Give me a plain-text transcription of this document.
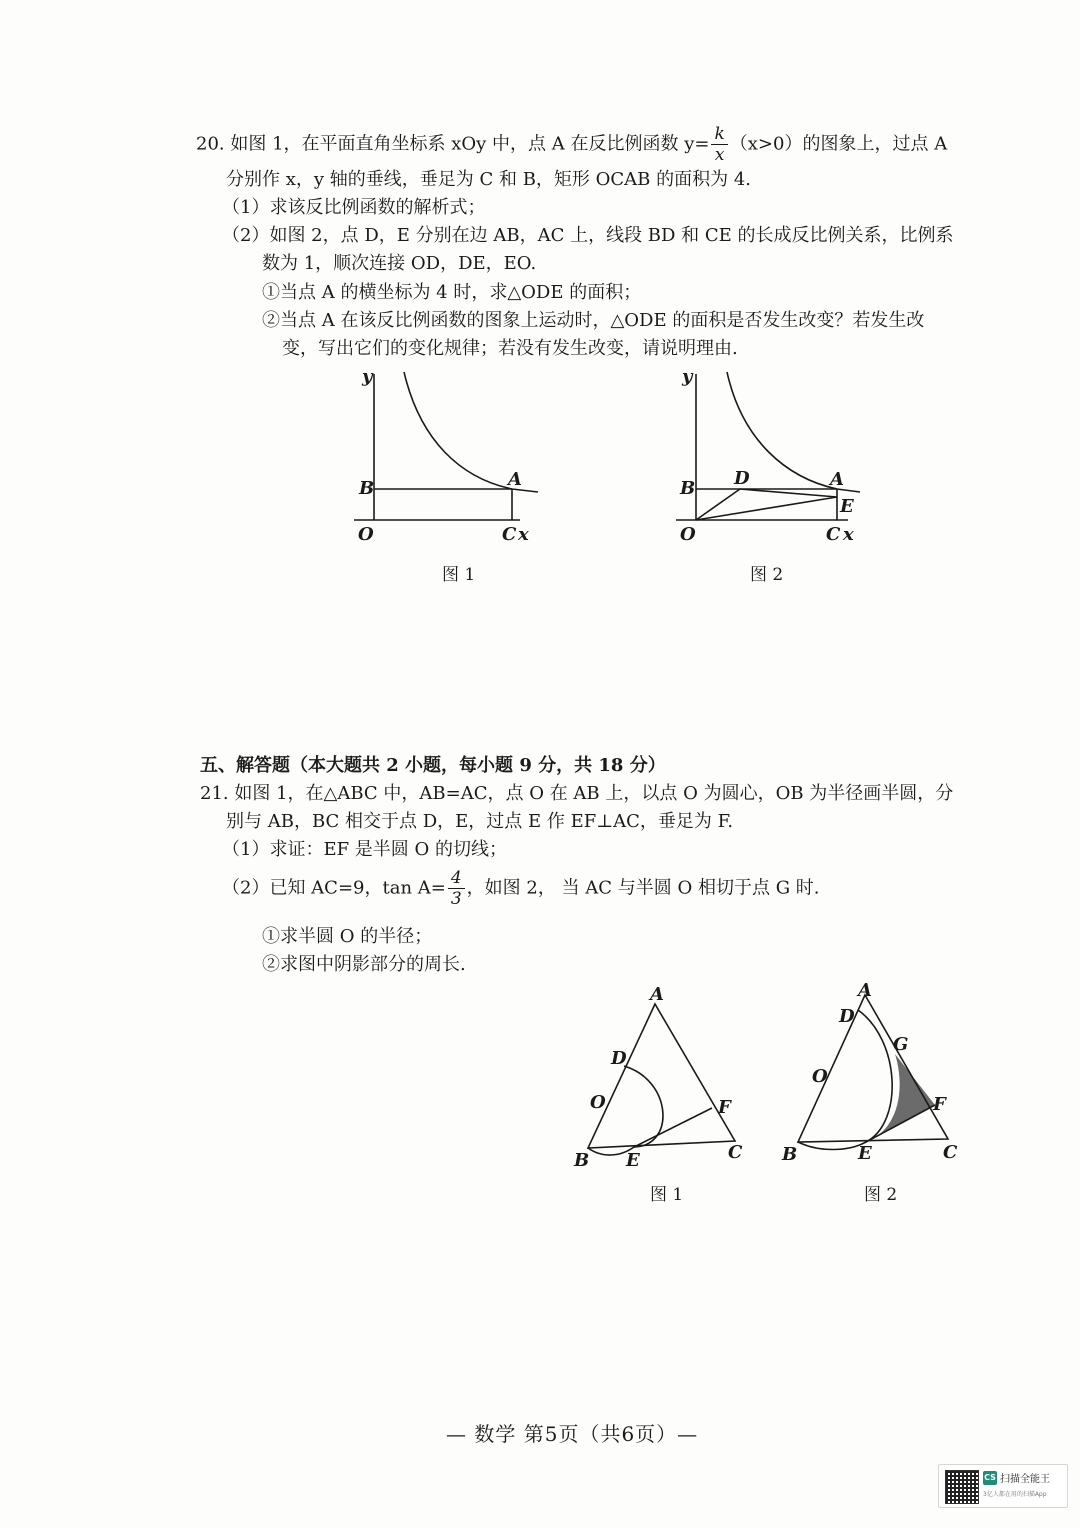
20. 如图 1，在平面直角坐标系 xOy 中，点 A 在反比例函数 $y= \frac{k}{x} (x>0)$的图象上，过点 A
分别作 x，y 轴的垂线，垂足为 C 和 B，矩形 OCAB 的面积为 4.
（1）求该反比例函数的解析式；
（2）如图 2，点 D，E 分别在边 AB，AC 上，线段 BD 和 CE 的长成反比例关系，比例系
数为 1，顺次连接 OD，DE，EO.
①当点 A 的横坐标为 4 时，求△ODE 的面积；
②当点 A 在该反比例函数的图象上运动时，△ODE 的面积是否发生改变？若发生改
变，写出它们的变化规律；若没有发生改变，请说明理由.
y
B	A
O	C x
图 1
y
B D	A
E
O	C x
图 2
五、解答题（本大题共 2 小题，每小题 9 分，共 18 分）
21. 如图 1，在△ABC 中，AB=AC，点 O 在 AB 上，以点 O 为圆心，OB 为半径画半圆，分
别与 AB，BC 相交于点 D，E，过点 E 作 EF⊥AC，垂足为 F.
（1）求证：EF 是半圆 O 的切线；
（2）已知 AC=9，$\tan A= \frac{4}{3}$ ，如图 2， 当 AC 与半圆 O 相切于点 G 时.
①求半圆 O 的半径；
②求图中阴影部分的周长.
A
D
O	F
B E	C
图 1
A
D
G
O
F
B	E	C
图 2
— 数学 第5页（共6页）—
CS 扫描全能王
3亿人都在用的扫描App
